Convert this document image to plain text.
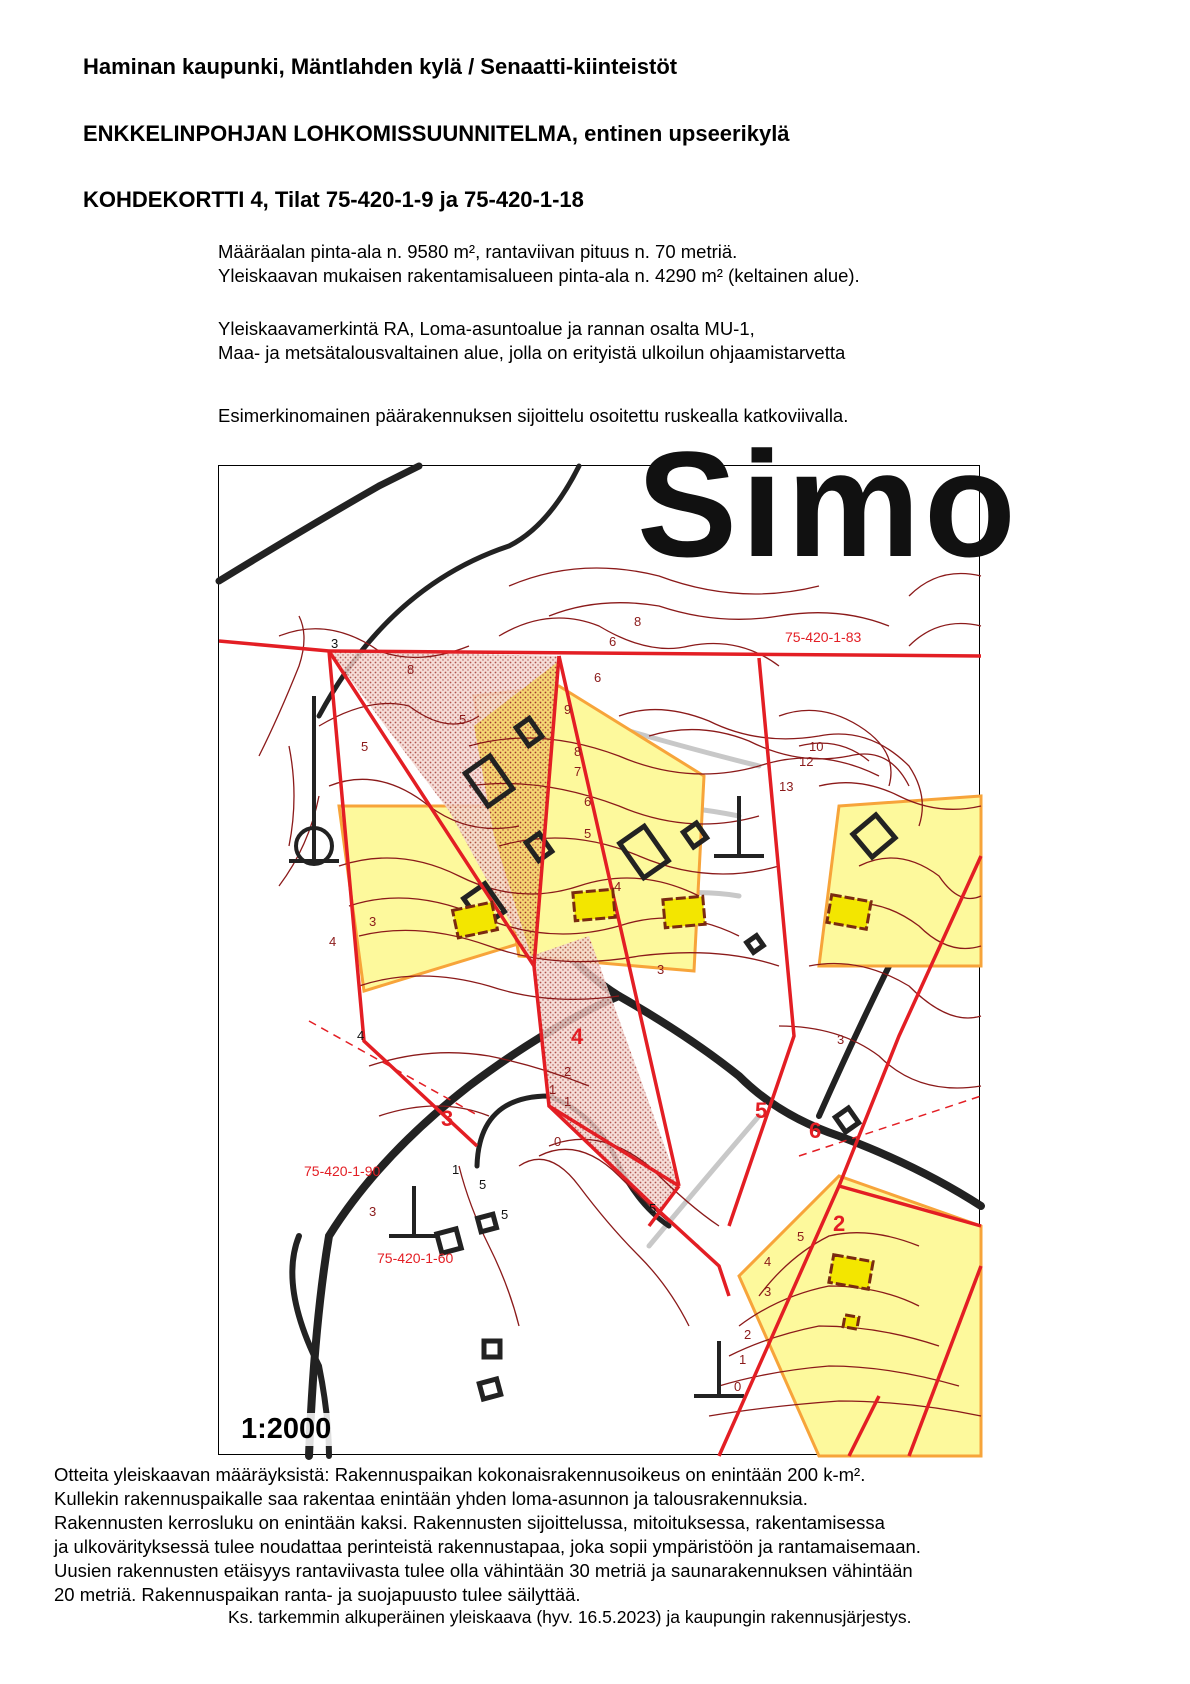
Haminan kaupunki, Mäntlahden kylä / Senaatti-kiinteistöt
ENKKELINPOHJAN LOHKOMISSUUNNITELMA, entinen upseerikylä
KOHDEKORTTI 4, Tilat 75-420-1-9 ja 75-420-1-18
Määräalan pinta-ala n. 9580 m², rantaviivan pituus n. 70 metriä.
Yleiskaavan mukaisen rakentamisalueen pinta-ala n. 4290 m² (keltainen alue).
Yleiskaavamerkintä RA, Loma-asuntoalue ja rannan osalta MU-1,
Maa- ja metsätalousvaltainen alue, jolla on erityistä ulkoilun ohjaamistarvetta
Esimerkinomainen päärakennuksen sijoittelu osoitettu ruskealla katkoviivalla.
Simo
4
3	5
6
2
75-420-1-83
75-420-1-90
75-420-1-60
3
4
1
5
5	5
8
6
9
8
7
6
5
4
3
2
1
0
5
4
3
2
1
0
5
4
3
8
10
12
13
3
6
5
3
1
1:2000
Otteita yleiskaavan määräyksistä: Rakennuspaikan kokonaisrakennusoikeus on enintään 200 k-m².
Kullekin rakennuspaikalle saa rakentaa enintään yhden loma-asunnon ja talousrakennuksia.
Rakennusten kerrosluku on enintään kaksi. Rakennusten sijoittelussa, mitoituksessa, rakentamisessa
ja ulkovärityksessä tulee noudattaa perinteistä rakennustapaa, joka sopii ympäristöön ja rantamaisemaan.
Uusien rakennusten etäisyys rantaviivasta tulee olla vähintään 30 metriä ja saunarakennuksen vähintään
20 metriä. Rakennuspaikan ranta- ja suojapuusto tulee säilyttää.
Ks. tarkemmin alkuperäinen yleiskaava (hyv. 16.5.2023) ja kaupungin rakennusjärjestys.
